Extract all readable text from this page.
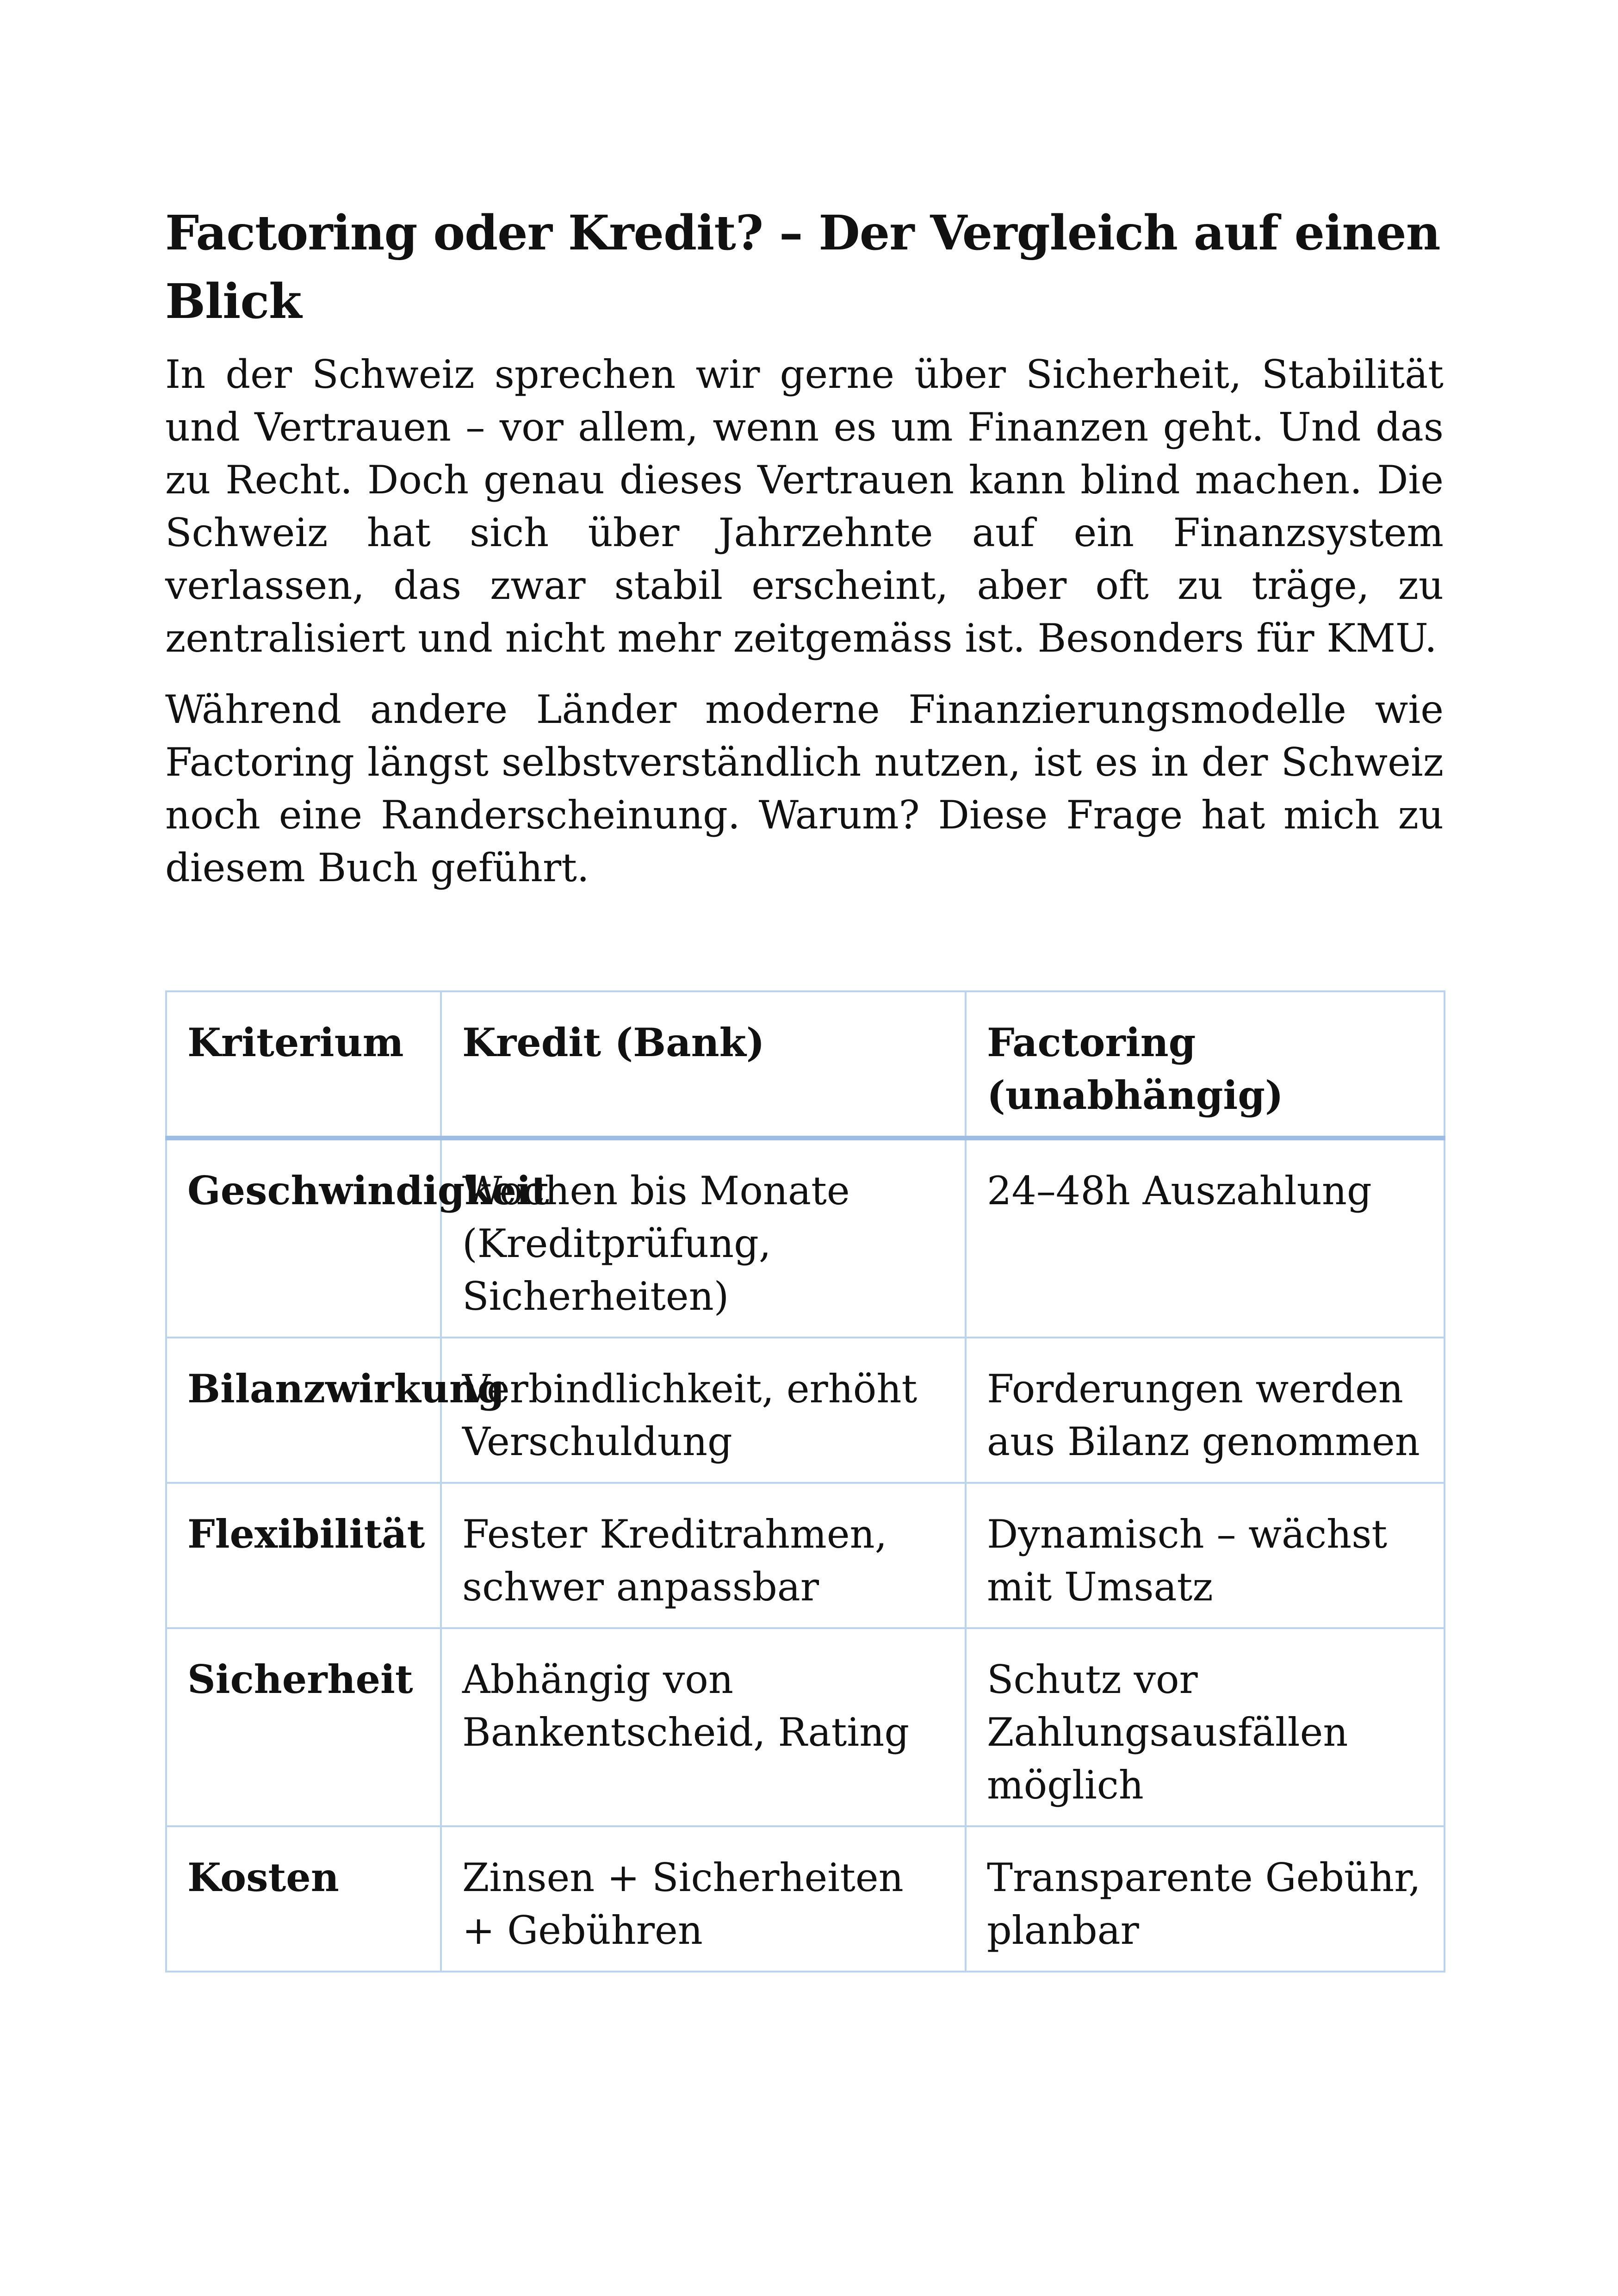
Factoring oder Kredit? – Der Vergleich auf einen Blick

In der Schweiz sprechen wir gerne über Sicherheit, Stabilität und Vertrauen – vor allem, wenn es um Finanzen geht. Und das zu Recht. Doch genau dieses Vertrauen kann blind machen. Die Schweiz hat sich über Jahrzehnte auf ein Finanzsystem verlassen, das zwar stabil erscheint, aber oft zu träge, zu zentralisiert und nicht mehr zeitgemäss ist. Besonders für KMU.

Während andere Länder moderne Finanzierungsmodelle wie Factoring längst selbstverständlich nutzen, ist es in der Schweiz noch eine Randerscheinung. Warum? Diese Frage hat mich zu diesem Buch geführt.

Kriterium	Kredit (Bank)	Factoring (unabhängig)
Geschwindigkeit	Wochen bis Monate (Kreditprüfung, Sicherheiten)	24–48h Auszahlung
Bilanzwirkung	Verbindlichkeit, erhöht Verschuldung	Forderungen werden aus Bilanz genommen
Flexibilität	Fester Kreditrahmen, schwer anpassbar	Dynamisch – wächst mit Umsatz
Sicherheit	Abhängig von Bankentscheid, Rating	Schutz vor Zahlungsausfällen möglich
Kosten	Zinsen + Sicherheiten + Gebühren	Transparente Gebühr, planbar
